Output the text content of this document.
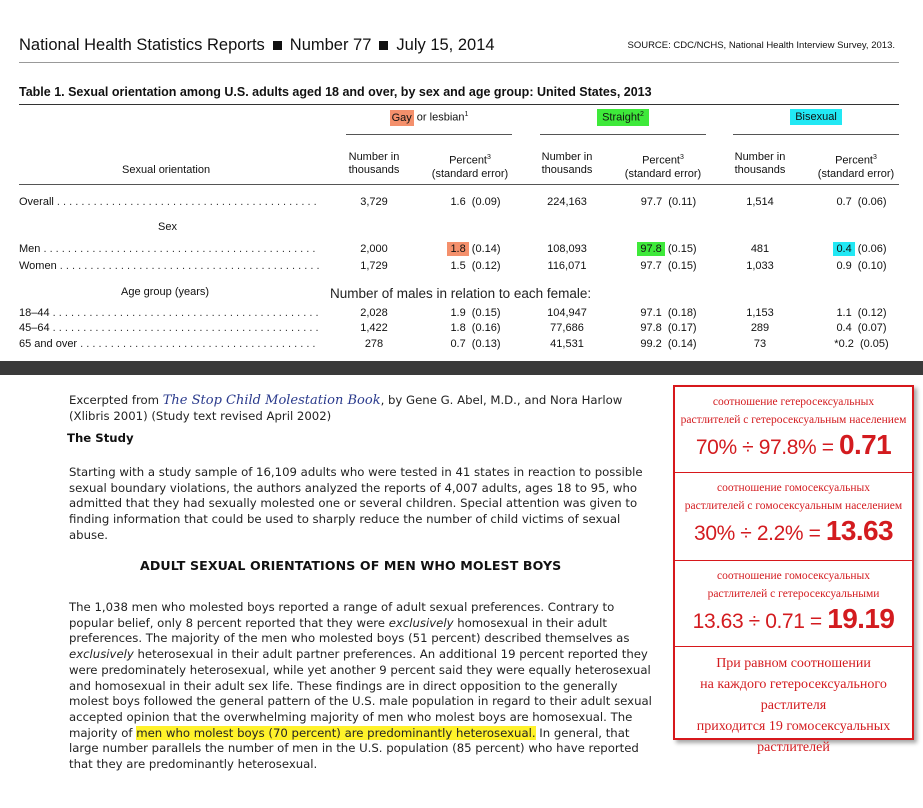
National Health Statistics Reports Number 77 July 15, 2014	SOURCE: CDC/NCHS, National Health Interview Survey, 2013.
Table 1. Sexual orientation among U.S. adults aged 18 and over, by sex and age group: United States, 2013
Gay or lesbian$^1$	Straight$^2$	Bisexual
Sexual orientation
Number in
thousands
Percent$^3$
(standard error)
Number in
thousands
Percent$^3$
(standard error)
Number in
thousands
Percent$^3$
(standard error)
Sex
Age group (years)	Number of males in relation to each female:
Overall . . .	3,729	1.6 (0.09)	224,163	97.7 (0.11)	1,514	0.7 (0.06)
Men . . .	2,000	1.8 (0.14)	108,093	97.8 (0.15)	481	0.4 (0.06)
Women . . .	1,729	1.5 (0.12)	116,071	97.7 (0.15)	1,033	0.9 (0.10)
18–44 . . .	2,028	1.9 (0.15)	104,947	97.1 (0.18)	1,153	1.1 (0.12)
45–64 . . .	1,422	1.8 (0.16)	77,686	97.8 (0.17)	289	0.4 (0.07)
65 and over . . .	278	0.7 (0.13)	41,531	99.2 (0.14)	73	*0.2 (0.05)
Excerpted from The Stop Child Molestation Book, by Gene G. Abel, M.D., and Nora Harlow (Xlibris 2001) (Study text revised April 2002)
The Study
Starting with a study sample of 16,109 adults who were tested in 41 states in reaction to possible sexual boundary violations, the authors analyzed the reports of 4,007 adults, ages 18 to 95, who admitted that they had sexually molested one or several children. Special attention was given to finding information that could be used to sharply reduce the number of child victims of sexual abuse.
ADULT SEXUAL ORIENTATIONS OF MEN WHO MOLEST BOYS
The 1,038 men who molested boys reported a range of adult sexual preferences. Contrary to popular belief, only 8 percent reported that they were exclusively homosexual in their adult preferences. The majority of the men who molested boys (51 percent) described themselves as exclusively heterosexual in their adult partner preferences. An additional 19 percent reported they were predominately heterosexual, while yet another 9 percent said they were equally heterosexual and homosexual in their adult sex life. These findings are in direct opposition to the generally molest boys followed the general pattern of the U.S. male population in regard to their adult sexual accepted opinion that the overwhelming majority of men who molest boys are homosexual. The majority of men who molest boys (70 percent) are predominantly heterosexual. In general, that large number parallels the number of men in the U.S. population (85 percent) who have reported that they are predominantly heterosexual.
соотношение гетеросексуальных
растлителей с гетеросексуальным населением
70% ÷ 97.8% = 0.71
соотношение гомосексуальных
растлителей с гомосексуальным населением
30% ÷ 2.2% = 13.63
соотношение гомосексуальных
растлителей с гетеросексуальными
13.63 ÷ 0.71 = 19.19
При равном соотношении
на каждого гетеросексуального растлителя
приходится 19 гомосексуальных растлителей
